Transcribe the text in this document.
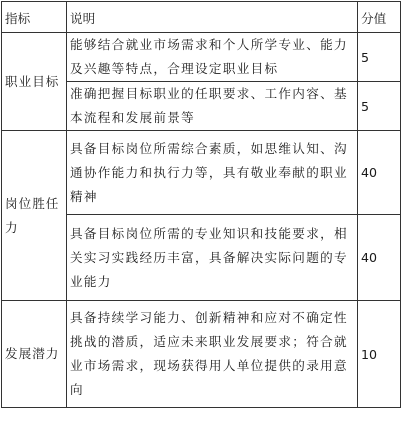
指标	说明	分值
职业目标	能够结合就业市场需求和个人所学专业、能力及兴趣等特点，合理设定职业目标	5
	准确把握目标职业的任职要求、工作内容、基本流程和发展前景等	5
岗位胜任力	具备目标岗位所需综合素质，如思维认知、沟通协作能力和执行力等，具有敬业奉献的职业精神	40
	具备目标岗位所需的专业知识和技能要求，相关实习实践经历丰富，具备解决实际问题的专业能力	40
发展潜力	具备持续学习能力、创新精神和应对不确定性挑战的潜质，适应未来职业发展要求；符合就业市场需求，现场获得用人单位提供的录用意向	10
